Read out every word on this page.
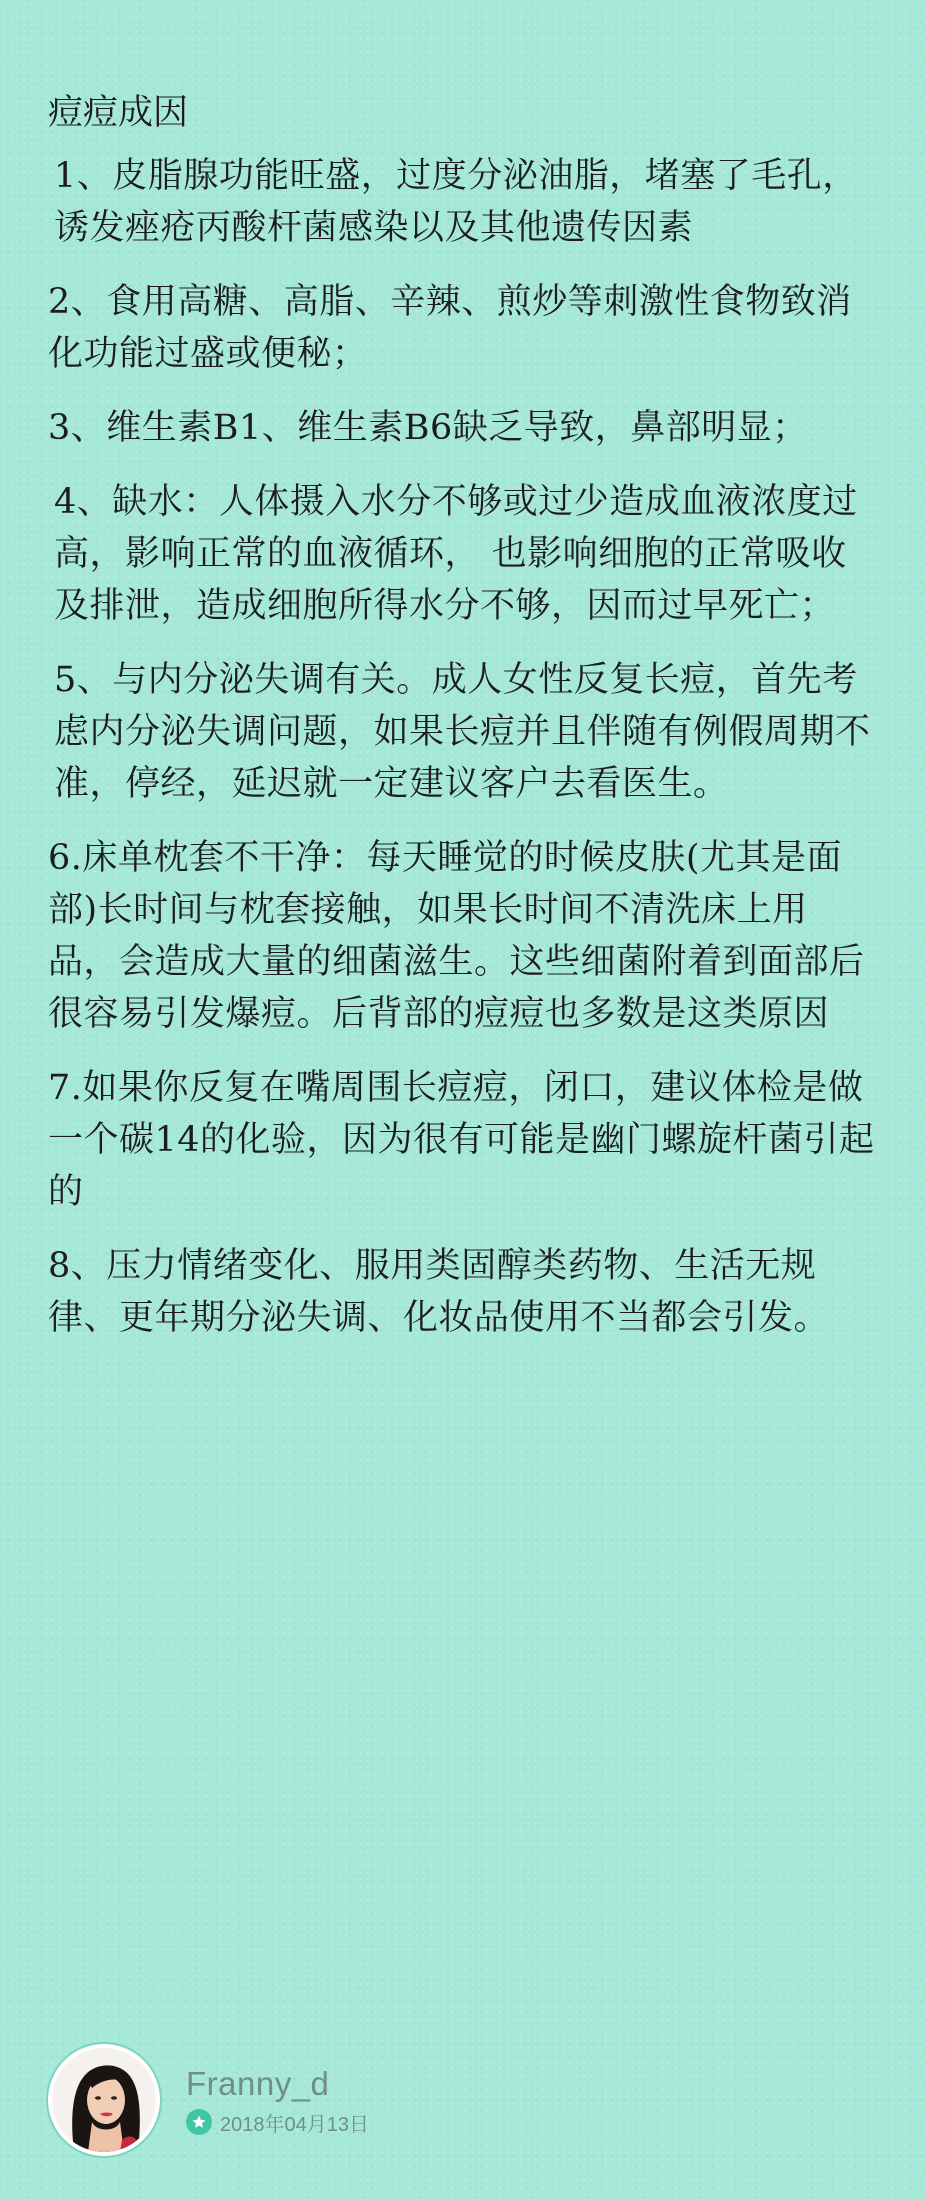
痘痘成因
1、皮脂腺功能旺盛，过度分泌油脂，堵塞了毛孔，诱发痤疮丙酸杆菌感染以及其他遗传因素
2、食用高糖、高脂、辛辣、煎炒等刺激性食物致消化功能过盛或便秘；
3、维生素B1、维生素B6缺乏导致，鼻部明显；
4、缺水：人体摄入水分不够或过少造成血液浓度过高，影响正常的血液循环， 也影响细胞的正常吸收及排泄，造成细胞所得水分不够，因而过早死亡；
5、与内分泌失调有关。成人女性反复长痘，首先考虑内分泌失调问题，如果长痘并且伴随有例假周期不准，停经，延迟就一定建议客户去看医生。
6.床单枕套不干净：每天睡觉的时候皮肤(尤其是面部)长时间与枕套接触，如果长时间不清洗床上用品，会造成大量的细菌滋生。这些细菌附着到面部后很容易引发爆痘。后背部的痘痘也多数是这类原因
7.如果你反复在嘴周围长痘痘，闭口，建议体检是做一个碳14的化验，因为很有可能是幽门螺旋杆菌引起的
8、压力情绪变化、服用类固醇类药物、生活无规律、更年期分泌失调、化妆品使用不当都会引发。
Franny_d
2018年04月13日
